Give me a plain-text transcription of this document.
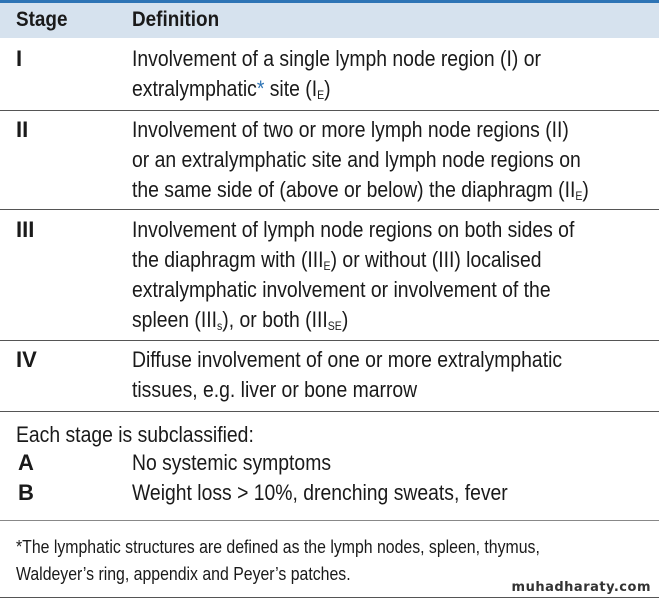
Stage	Definition
I	Involvement of a single lymph node region (I) or
extralymphatic* site $(I_E)$
II	Involvement of two or more lymph node regions (II)
or an extralymphatic site and lymph node regions on
the same side of (above or below) the diaphragm $(II_E)$
III	Involvement of lymph node regions on both sides of
the diaphragm with $(III_E)$ or without (III) localised
extralymphatic involvement or involvement of the
spleen $(III_s)$, or both $(III_{SE})$
IV	Diffuse involvement of one or more extralymphatic
tissues, e.g. liver or bone marrow
Each stage is subclassified:
A	No systemic symptoms
B	Weight loss > 10%, drenching sweats, fever
*The lymphatic structures are defined as the lymph nodes, spleen, thymus,
Waldeyer’s ring, appendix and Peyer’s patches.
muhadharaty.com
